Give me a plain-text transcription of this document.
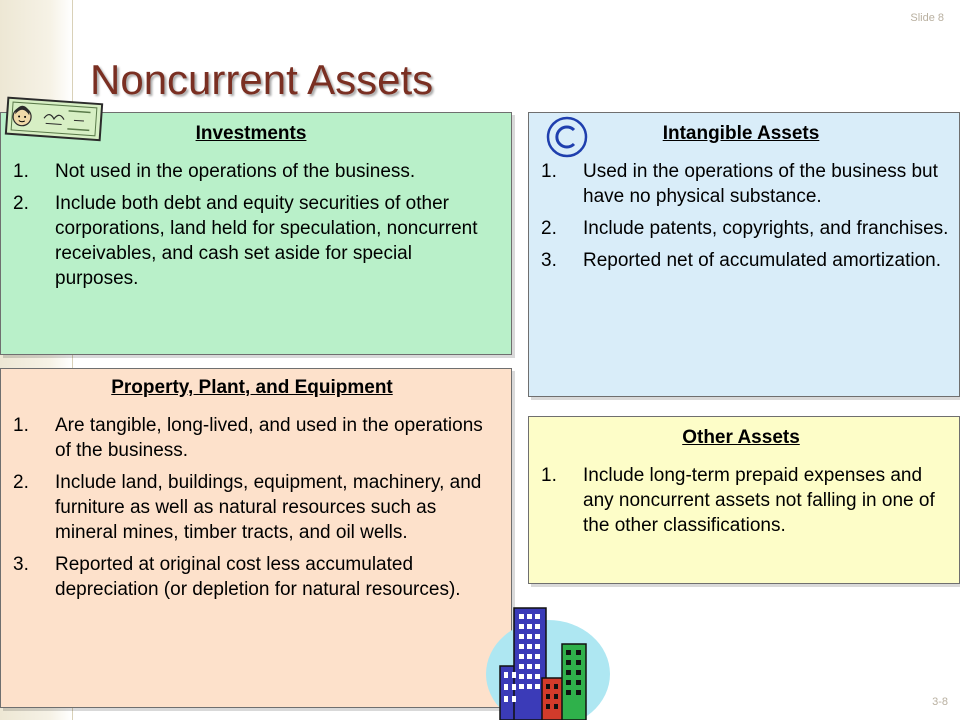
Slide 8
Noncurrent Assets
Investments
1. Not used in the operations of the business.
2. Include both debt and equity securities of other corporations, land held for speculation, noncurrent receivables, and cash set aside for special purposes.
Intangible Assets
1. Used in the operations of the business but have no physical substance.
2. Include patents, copyrights, and franchises.
3. Reported net of accumulated amortization.
Property, Plant, and Equipment
1. Are tangible, long-lived, and used in the operations of the business.
2. Include land, buildings, equipment, machinery, and furniture as well as natural resources such as mineral mines, timber tracts, and oil wells.
3. Reported at original cost less accumulated depreciation (or depletion for natural resources).
Other Assets
1. Include long-term prepaid expenses and any noncurrent assets not falling in one of the other classifications.
3-8
